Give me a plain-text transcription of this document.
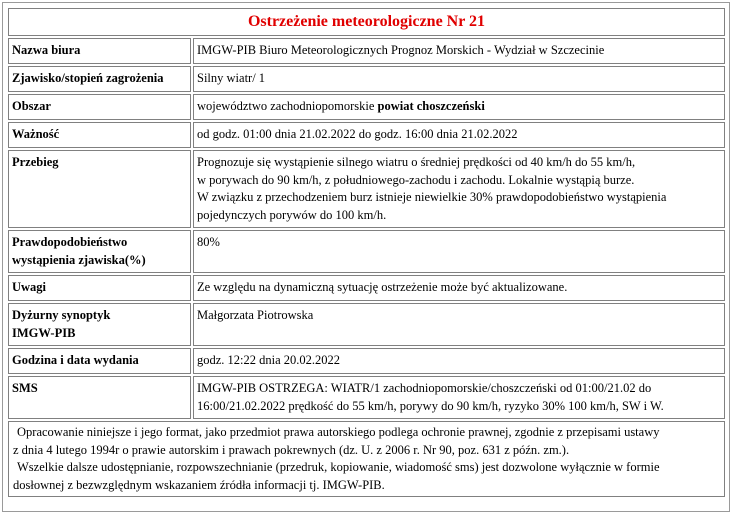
Ostrzeżenie meteorologiczne Nr 21	
Nazwa biura	IMGW-PIB Biuro Meteorologicznych Prognoz Morskich - Wydział w Szczecinie
Zjawisko/stopień zagrożenia	Silny wiatr/ 1
Obszar	województwo zachodniopomorskie powiat choszczeński
Ważność	od godz. 01:00 dnia 21.02.2022 do godz. 16:00 dnia 21.02.2022
Przebieg	Prognozuje się wystąpienie silnego wiatru o średniej prędkości od 40 km/h do 55 km/h,
w porywach do 90 km/h, z południowego-zachodu i zachodu. Lokalnie wystąpią burze.
W związku z przechodzeniem burz istnieje niewielkie 30% prawdopodobieństwo wystąpienia
pojedynczych porywów do 100 km/h.

Prawdopodobieństwo
wystąpienia zjawiska(%)	80%
Uwagi	Ze względu na dynamiczną sytuację ostrzeżenie może być aktualizowane.

Dyżurny synoptyk
IMGW-PIB	Małgorzata Piotrowska
Godzina i data wydania	godz. 12:22 dnia 20.02.2022
SMS	IMGW-PIB OSTRZEGA: WIATR/1 zachodniopomorskie/choszczeński od 01:00/21.02 do
16:00/21.02.2022 prędkość do 55 km/h, porywy do 90 km/h, ryzyko 30% 100 km/h, SW i W.

Opracowanie niniejsze i jego format, jako przedmiot prawa autorskiego podlega ochronie prawnej, zgodnie z przepisami ustawy

z dnia 4 lutego 1994r o prawie autorskim i prawach pokrewnych (dz. U. z 2006 r. Nr 90, poz. 631 z późn. zm.).

Wszelkie dalsze udostępnianie, rozpowszechnianie (przedruk, kopiowanie, wiadomość sms) jest dozwolone wyłącznie w formie

dosłownej z bezwzględnym wskazaniem źródła informacji tj. IMGW-PIB.	
